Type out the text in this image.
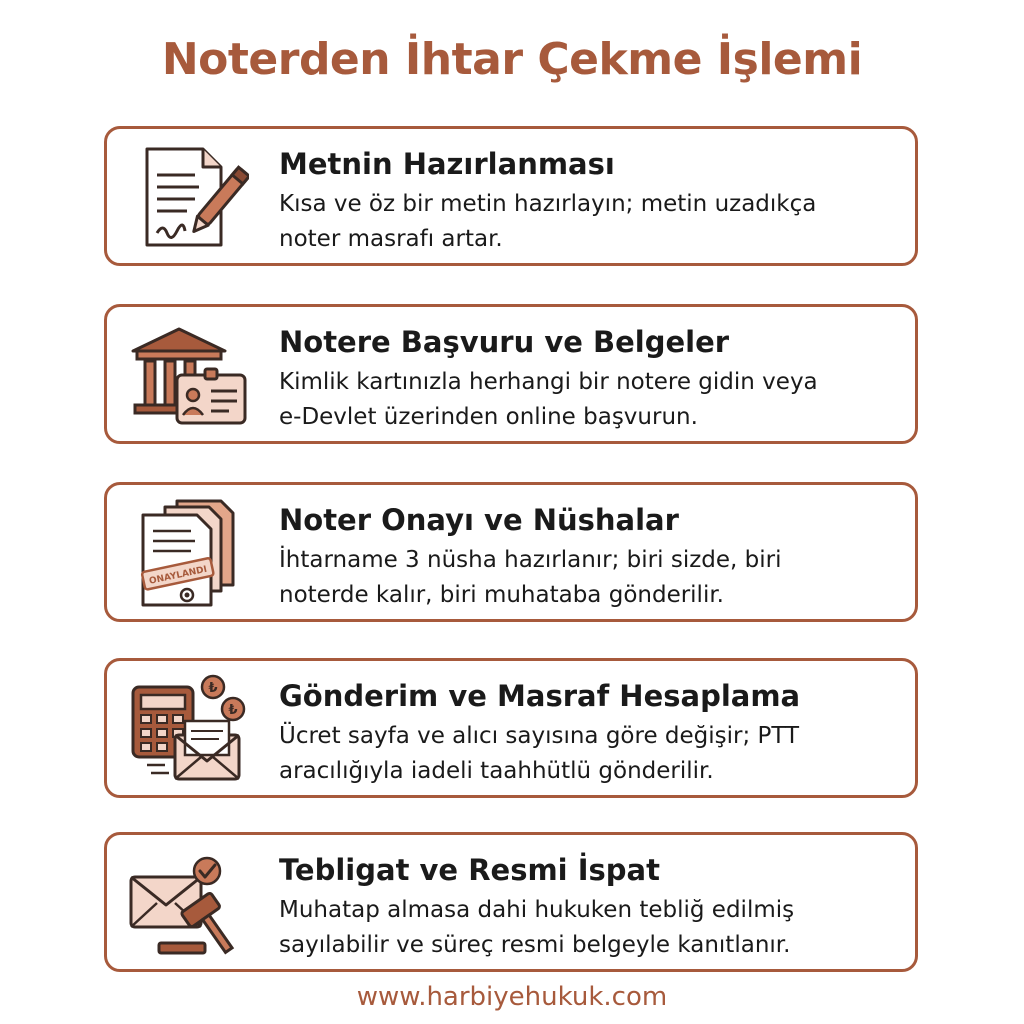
Noterden İhtar Çekme İşlemi
Metnin Hazırlanması
Kısa ve öz bir metin hazırlayın; metin uzadıkça
noter masrafı artar.
Notere Başvuru ve Belgeler
Kimlik kartınızla herhangi bir notere gidin veya
e-Devlet üzerinden online başvurun.
ONAYLANDI
Noter Onayı ve Nüshalar
İhtarname 3 nüsha hazırlanır; biri sizde, biri
noterde kalır, biri muhataba gönderilir.
₺
₺ Gönderim ve Masraf Hesaplama
Ücret sayfa ve alıcı sayısına göre değişir; PTT
aracılığıyla iadeli taahhütlü gönderilir.
Tebligat ve Resmi İspat
Muhatap almasa dahi hukuken tebliğ edilmiş
sayılabilir ve süreç resmi belgeyle kanıtlanır.
www.harbiyehukuk.com
